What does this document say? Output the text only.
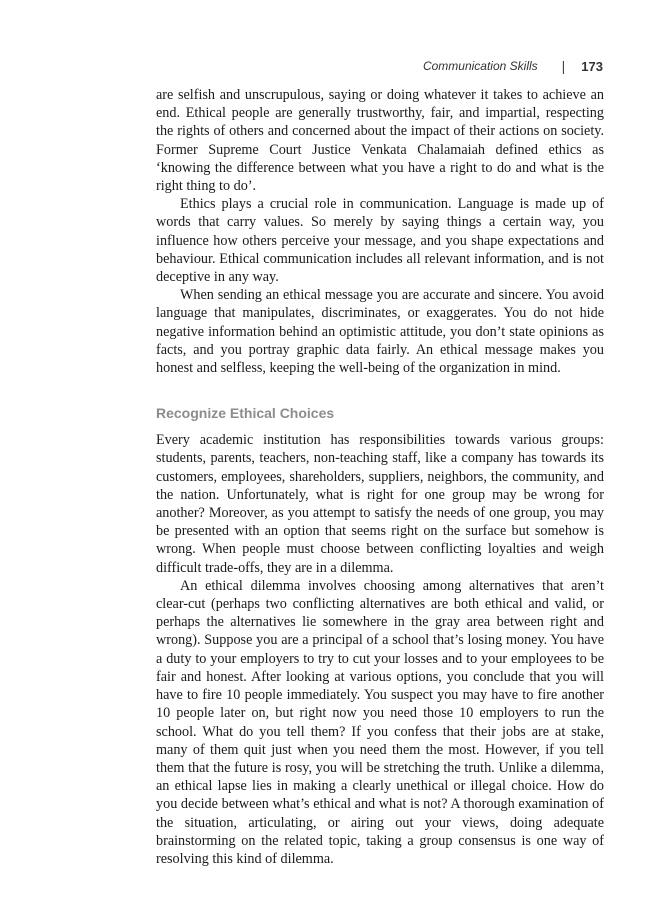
Communication Skills | 173

are selfish and unscrupulous, saying or doing whatever it takes to achieve an end. Ethical people are generally trustworthy, fair, and impartial, respecting the rights of others and concerned about the impact of their actions on society. Former Supreme Court Justice Venkata Chalamaiah defined ethics as ‘knowing the difference between what you have a right to do and what is the right thing to do’.

Ethics plays a crucial role in communication. Language is made up of words that carry values. So merely by saying things a certain way, you influence how others perceive your message, and you shape expectations and behaviour. Ethical communication includes all relevant information, and is not deceptive in any way.

When sending an ethical message you are accurate and sincere. You avoid language that manipulates, discriminates, or exaggerates. You do not hide negative information behind an optimistic attitude, you don’t state opinions as facts, and you portray graphic data fairly. An ethical message makes you honest and selfless, keeping the well-being of the organization in mind.

Recognize Ethical Choices

Every academic institution has responsibilities towards various groups: students, parents, teachers, non-teaching staff, like a company has towards its customers, employees, shareholders, suppliers, neighbors, the community, and the nation. Unfortunately, what is right for one group may be wrong for another? Moreover, as you attempt to satisfy the needs of one group, you may be presented with an option that seems right on the surface but somehow is wrong. When people must choose between conflicting loyalties and weigh difficult trade-offs, they are in a dilemma.

An ethical dilemma involves choosing among alternatives that aren’t clear-cut (perhaps two conflicting alternatives are both ethical and valid, or perhaps the alternatives lie somewhere in the gray area between right and wrong). Suppose you are a principal of a school that’s losing money. You have a duty to your employers to try to cut your losses and to your employees to be fair and honest. After looking at various options, you conclude that you will have to fire 10 people immediately. You suspect you may have to fire another 10 people later on, but right now you need those 10 employers to run the school. What do you tell them? If you confess that their jobs are at stake, many of them quit just when you need them the most. However, if you tell them that the future is rosy, you will be stretching the truth. Unlike a dilemma, an ethical lapse lies in making a clearly unethical or illegal choice. How do you decide between what’s ethical and what is not? A thorough examination of the situation, articulating, or airing out your views, doing adequate brainstorming on the related topic, taking a group consensus is one way of resolving this kind of dilemma.
